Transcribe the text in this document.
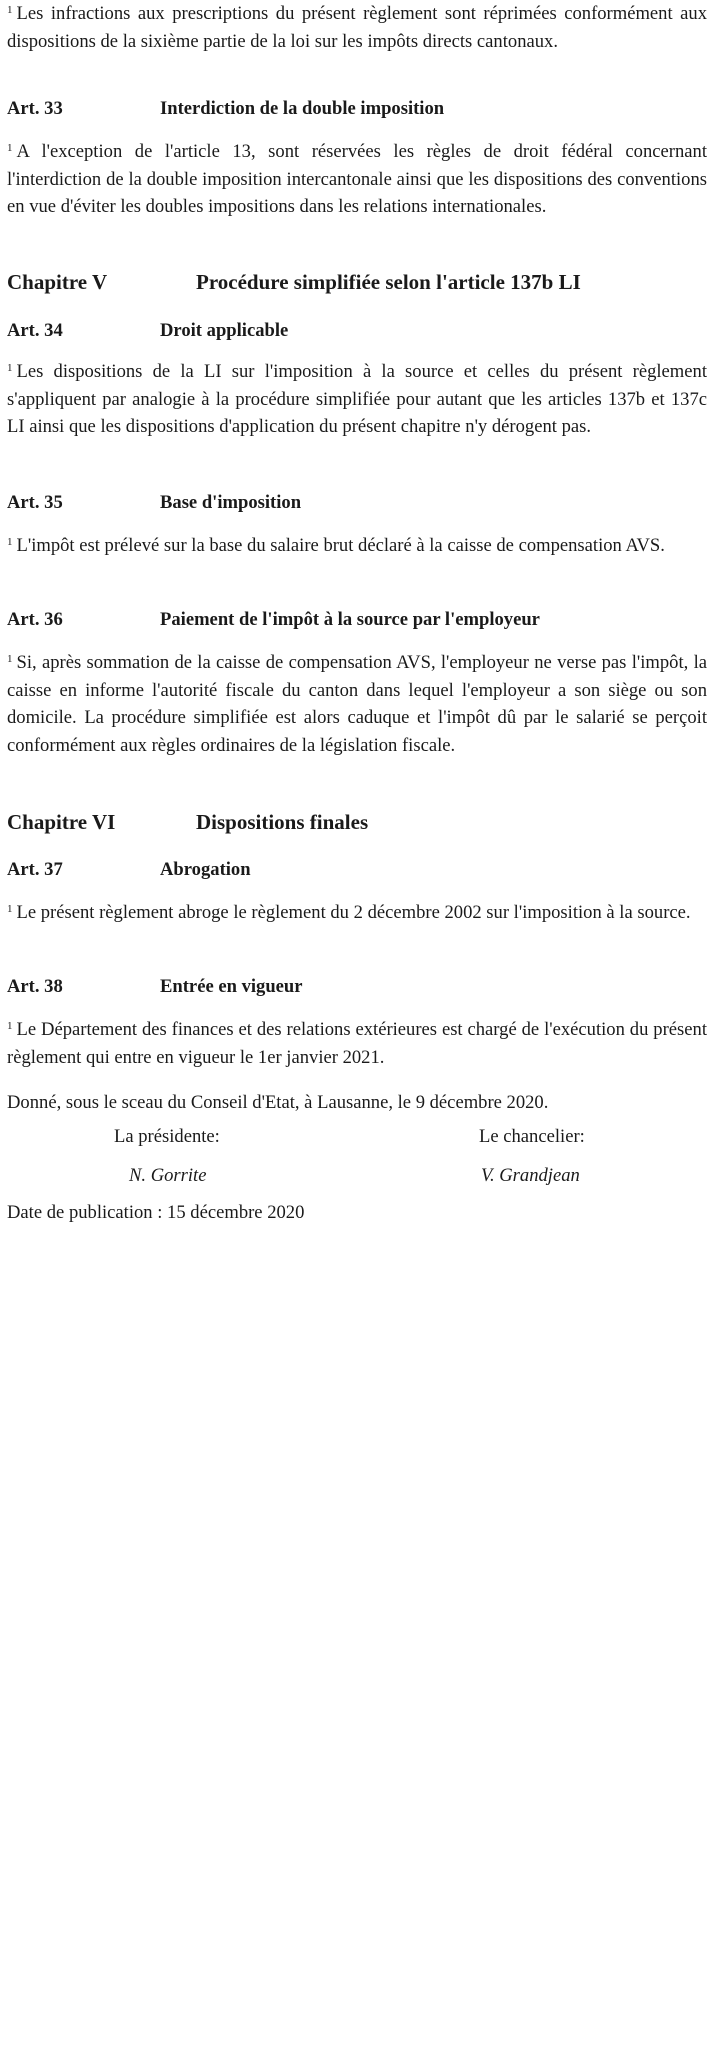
$^1$ Les infractions aux prescriptions du présent règlement sont réprimées conformément aux dispositions de la sixième partie de la loi sur les impôts directs cantonaux.

Art. 33	Interdiction de la double imposition

$^1$ A l'exception de l'article 13, sont réservées les règles de droit fédéral concernant l'interdiction de la double imposition intercantonale ainsi que les dispositions des conventions en vue d'éviter les doubles impositions dans les relations internationales.

Chapitre V	Procédure simplifiée selon l'article 137b LI
Art. 34	Droit applicable

$^1$ Les dispositions de la LI sur l'imposition à la source et celles du présent règlement s'appliquent par analogie à la procédure simplifiée pour autant que les articles 137b et 137c LI ainsi que les dispositions d'application du présent chapitre n'y dérogent pas.

Art. 35	Base d'imposition

$^1$ L'impôt est prélevé sur la base du salaire brut déclaré à la caisse de compensation AVS.

Art. 36	Paiement de l'impôt à la source par l'employeur

$^1$ Si, après sommation de la caisse de compensation AVS, l'employeur ne verse pas l'impôt, la caisse en informe l'autorité fiscale du canton dans lequel l'employeur a son siège ou son domicile. La procédure simplifiée est alors caduque et l'impôt dû par le salarié se perçoit conformément aux règles ordinaires de la législation fiscale.

Chapitre VI	Dispositions finales
Art. 37	Abrogation

$^1$ Le présent règlement abroge le règlement du 2 décembre 2002 sur l'imposition à la source.

Art. 38	Entrée en vigueur

$^1$ Le Département des finances et des relations extérieures est chargé de l'exécution du présent règlement qui entre en vigueur le 1er janvier 2021.

Donné, sous le sceau du Conseil d'Etat, à Lausanne, le 9 décembre 2020.

La présidente:	Le chancelier:
N. Gorrite	V. Grandjean

Date de publication : 15 décembre 2020
